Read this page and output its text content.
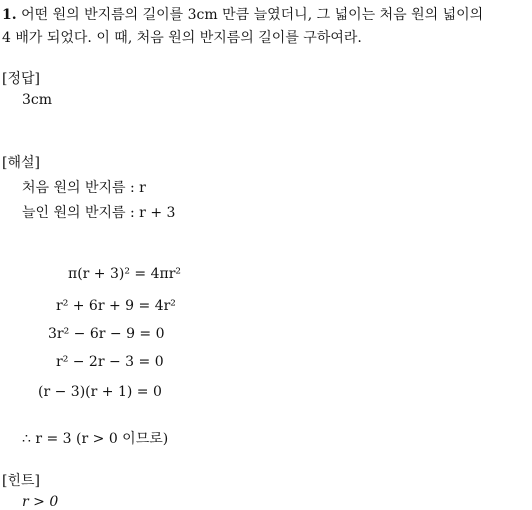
1. 어떤 원의 반지름의 길이를 3cm 만큼 늘였더니, 그 넓이는 처음 원의 넓이의
4 배가 되었다. 이 때, 처음 원의 반지름의 길이를 구하여라.
[정답]
3cm
[해설]
처음 원의 반지름 : r
늘인 원의 반지름 : r + 3
π(r + 3)² = 4πr²
r² + 6r + 9 = 4r²
3r² − 6r − 9 = 0
r² − 2r − 3 = 0
(r − 3)(r + 1) = 0
∴ r = 3 (r > 0 이므로)
[힌트]
r > 0
